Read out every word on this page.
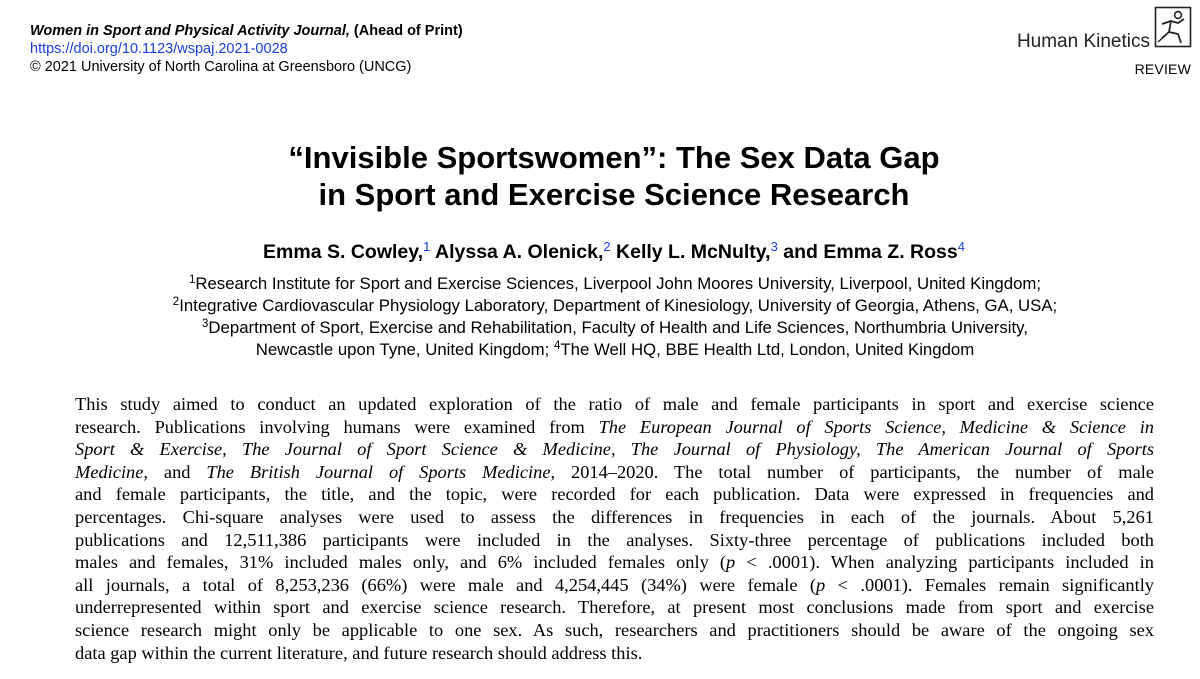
Women in Sport and Physical Activity Journal, (Ahead of Print)
https://doi.org/10.1123/wspaj.2021-0028
© 2021 University of North Carolina at Greensboro (UNCG)
Human Kinetics
REVIEW
“Invisible Sportswomen”: The Sex Data Gap
in Sport and Exercise Science Research
Emma S. Cowley,$^1$ Alyssa A. Olenick,$^2$ Kelly L. McNulty,$^3$ and Emma Z. Ross$^4$
$^1$Research Institute for Sport and Exercise Sciences, Liverpool John Moores University, Liverpool, United Kingdom;
$^2$Integrative Cardiovascular Physiology Laboratory, Department of Kinesiology, University of Georgia, Athens, GA, USA;
$^3$Department of Sport, Exercise and Rehabilitation, Faculty of Health and Life Sciences, Northumbria University,
Newcastle upon Tyne, United Kingdom; $^4$The Well HQ, BBE Health Ltd, London, United Kingdom
This study aimed to conduct an updated exploration of the ratio of male and female participants in sport and exercise science
research. Publications involving humans were examined from The European Journal of Sports Science, Medicine & Science in
Sport & Exercise, The Journal of Sport Science & Medicine, The Journal of Physiology, The American Journal of Sports
Medicine, and The British Journal of Sports Medicine, 2014–2020. The total number of participants, the number of male
and female participants, the title, and the topic, were recorded for each publication. Data were expressed in frequencies and
percentages. Chi-square analyses were used to assess the differences in frequencies in each of the journals. About 5,261
publications and 12,511,386 participants were included in the analyses. Sixty-three percentage of publications included both
males and females, 31% included males only, and 6% included females only (p < .0001). When analyzing participants included in
all journals, a total of 8,253,236 (66%) were male and 4,254,445 (34%) were female (p < .0001). Females remain significantly
underrepresented within sport and exercise science research. Therefore, at present most conclusions made from sport and exercise
science research might only be applicable to one sex. As such, researchers and practitioners should be aware of the ongoing sex
data gap within the current literature, and future research should address this.
